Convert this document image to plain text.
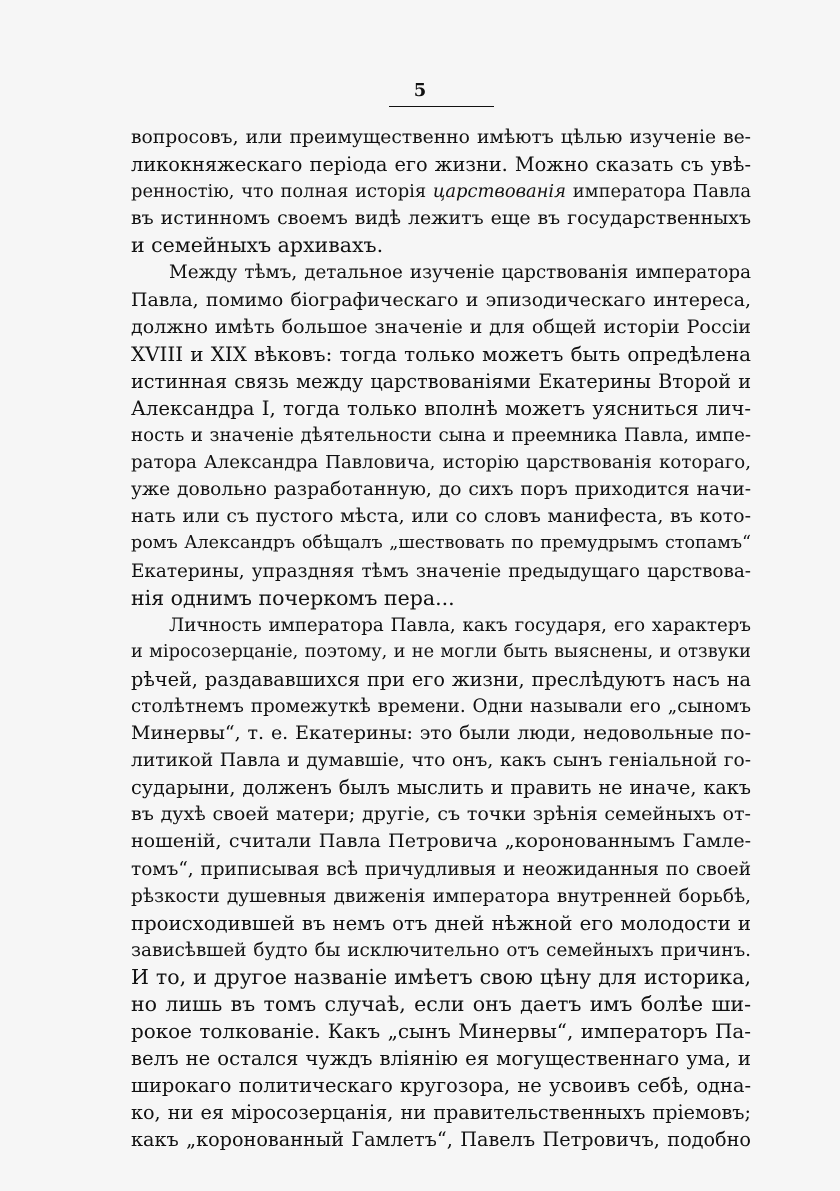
5
вопросовъ, или преимущественно имѣютъ цѣлью изученіе ве-
ликокняжескаго періода его жизни. Можно сказать съ увѣ-
ренностію, что полная исторія царствованія императора Павла
въ истинномъ своемъ видѣ лежитъ еще въ государственныхъ
и семейныхъ архивахъ.
Между тѣмъ, детальное изученіе царствованія императора
Павла, помимо біографическаго и эпизодическаго интереса,
должно имѣть большое значеніе и для общей исторіи Россіи
XVIII и XIX вѣковъ: тогда только можетъ быть опредѣлена
истинная связь между царствованіями Екатерины Второй и
Александра I, тогда только вполнѣ можетъ уясниться лич-
ность и значеніе дѣятельности сына и преемника Павла, импе-
ратора Александра Павловича, исторію царствованія котораго,
уже довольно разработанную, до сихъ поръ приходится начи-
нать или съ пустого мѣста, или со словъ манифеста, въ кото-
ромъ Александръ обѣщалъ „шествовать по премудрымъ стопамъ“
Екатерины, упраздняя тѣмъ значеніе предыдущаго царствова-
нія однимъ почеркомъ пера...
Личность императора Павла, какъ государя, его характеръ
и міросозерцаніе, поэтому, и не могли быть выяснены, и отзвуки
рѣчей, раздававшихся при его жизни, преслѣдуютъ насъ на
столѣтнемъ промежуткѣ времени. Одни называли его „сыномъ
Минервы“, т. е. Екатерины: это были люди, недовольные по-
литикой Павла и думавшіе, что онъ, какъ сынъ геніальной го-
сударыни, долженъ былъ мыслить и править не иначе, какъ
въ духѣ своей матери; другіе, съ точки зрѣнія семейныхъ от-
ношеній, считали Павла Петровича „коронованнымъ Гамле-
томъ“, приписывая всѣ причудливыя и неожиданныя по своей
рѣзкости душевныя движенія императора внутренней борьбѣ,
происходившей въ немъ отъ дней нѣжной его молодости и
зависѣвшей будто бы исключительно отъ семейныхъ причинъ.
И то, и другое названіе имѣетъ свою цѣну для историка,
но лишь въ томъ случаѣ, если онъ даетъ имъ болѣе ши-
рокое толкованіе. Какъ „сынъ Минервы“, императоръ Па-
велъ не остался чуждъ вліянію ея могущественнаго ума, и
широкаго политическаго кругозора, не усвоивъ себѣ, одна-
ко, ни ея міросозерцанія, ни правительственныхъ пріемовъ;
какъ „коронованный Гамлетъ“, Павелъ Петровичъ, подобно
